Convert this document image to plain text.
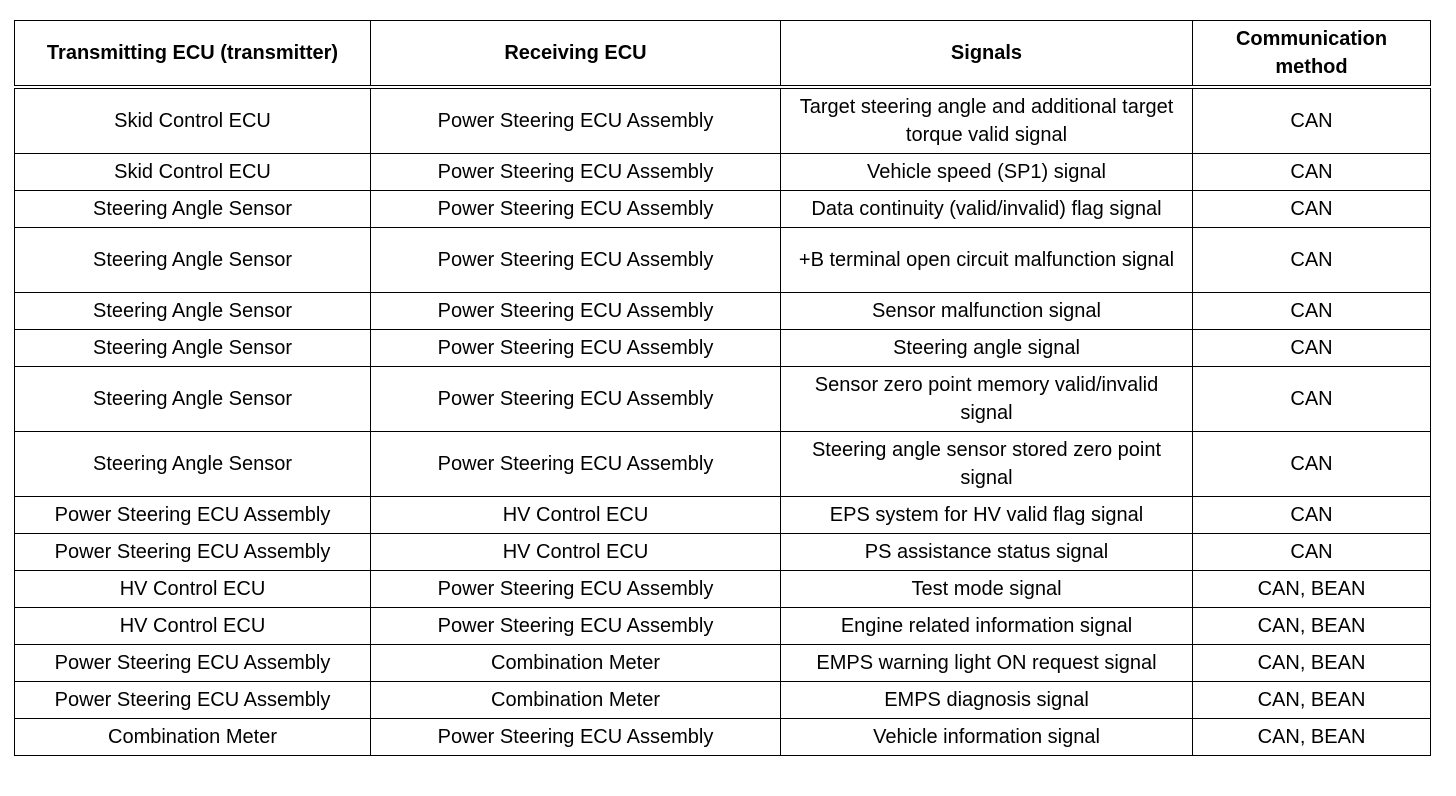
Transmitting ECU (transmitter)	Receiving ECU	Signals	Communication method
Skid Control ECU	Power Steering ECU Assembly	Target steering angle and additional target torque valid signal	CAN
Skid Control ECU	Power Steering ECU Assembly	Vehicle speed (SP1) signal	CAN
Steering Angle Sensor	Power Steering ECU Assembly	Data continuity (valid/invalid) flag signal	CAN
Steering Angle Sensor	Power Steering ECU Assembly	+B terminal open circuit malfunction signal	CAN
Steering Angle Sensor	Power Steering ECU Assembly	Sensor malfunction signal	CAN
Steering Angle Sensor	Power Steering ECU Assembly	Steering angle signal	CAN
Steering Angle Sensor	Power Steering ECU Assembly	Sensor zero point memory valid/invalid signal	CAN
Steering Angle Sensor	Power Steering ECU Assembly	Steering angle sensor stored zero point signal	CAN
Power Steering ECU Assembly	HV Control ECU	EPS system for HV valid flag signal	CAN
Power Steering ECU Assembly	HV Control ECU	PS assistance status signal	CAN
HV Control ECU	Power Steering ECU Assembly	Test mode signal	CAN, BEAN
HV Control ECU	Power Steering ECU Assembly	Engine related information signal	CAN, BEAN
Power Steering ECU Assembly	Combination Meter	EMPS warning light ON request signal	CAN, BEAN
Power Steering ECU Assembly	Combination Meter	EMPS diagnosis signal	CAN, BEAN
Combination Meter	Power Steering ECU Assembly	Vehicle information signal	CAN, BEAN
